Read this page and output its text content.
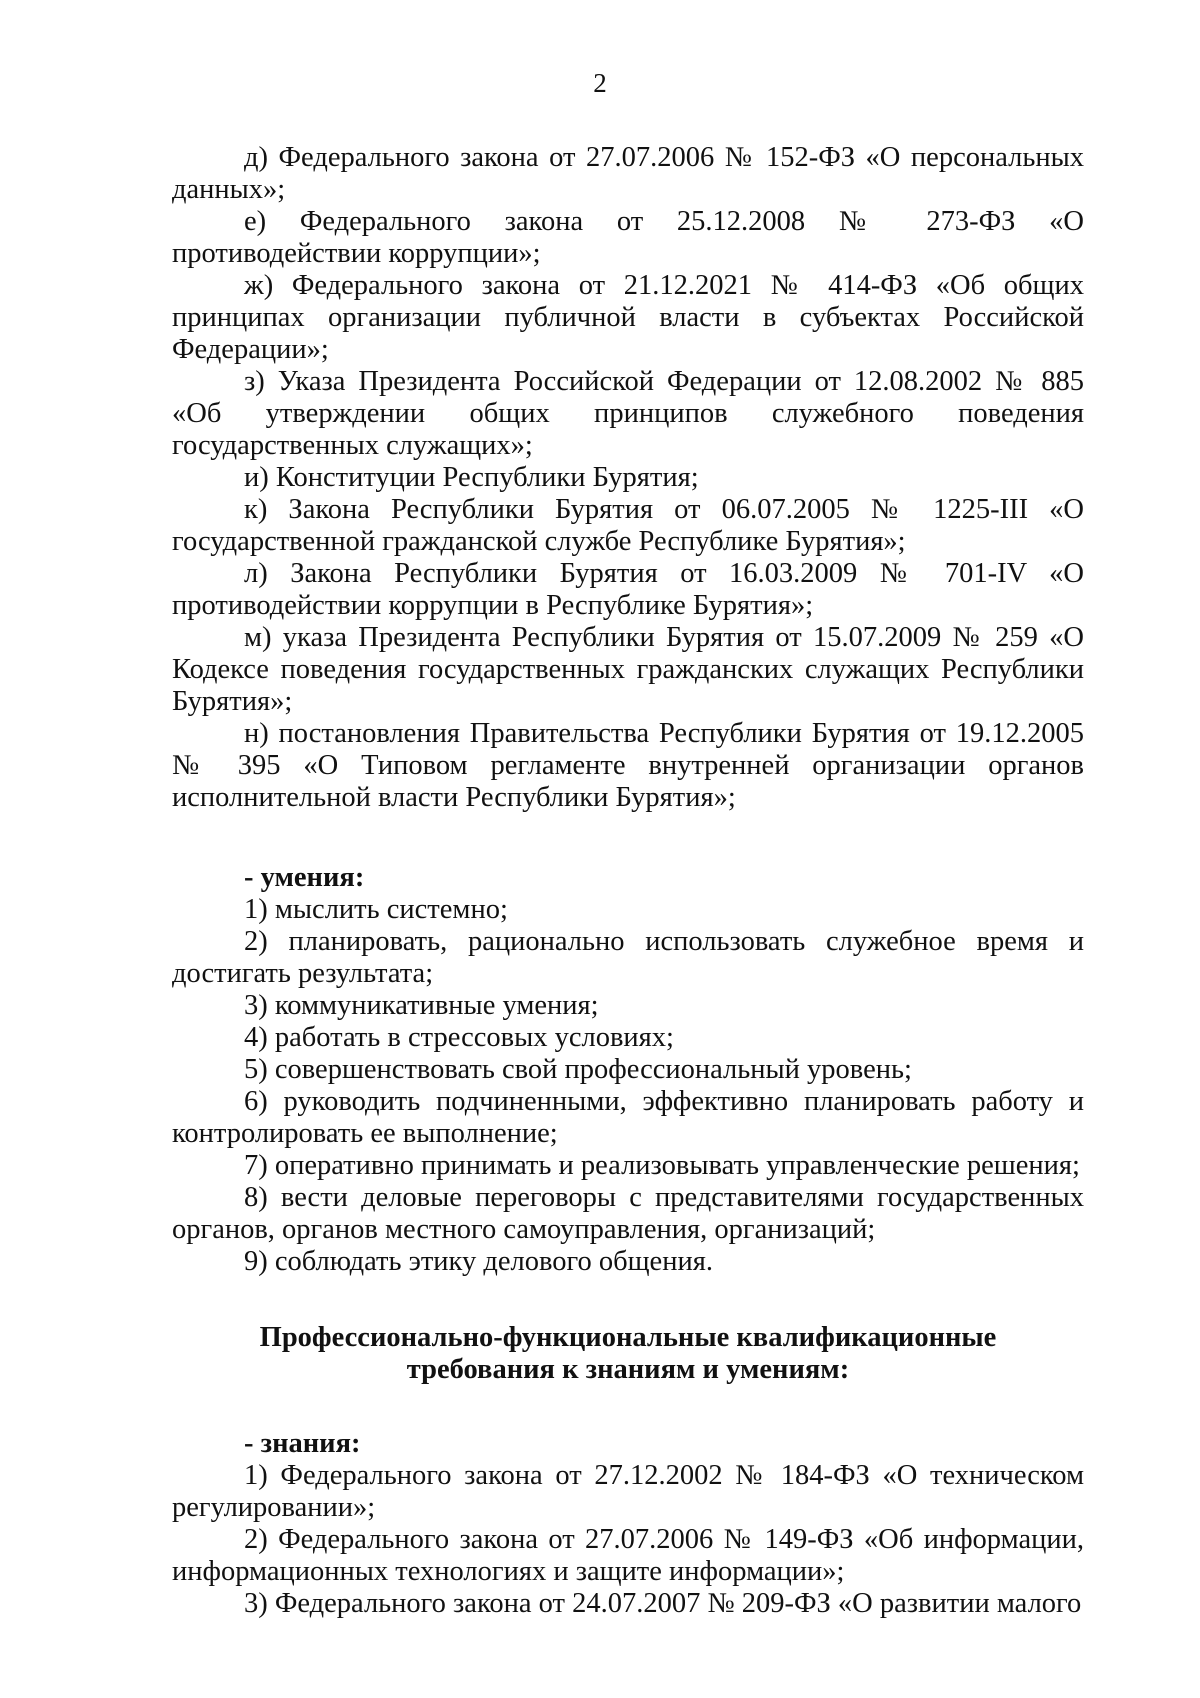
2

д) Федерального закона от 27.07.2006 № 152-ФЗ «О персональных данных»;

е) Федерального закона от 25.12.2008 № 273-ФЗ «О противодействии коррупции»;

ж) Федерального закона от 21.12.2021 № 414-ФЗ «Об общих принципах организации публичной власти в субъектах Российской Федерации»;

з) Указа Президента Российской Федерации от 12.08.2002 № 885 «Об утверждении общих принципов служебного поведения государственных служащих»;

и) Конституции Республики Бурятия;

к) Закона Республики Бурятия от 06.07.2005 № 1225-III «О государственной гражданской службе Республике Бурятия»;

л) Закона Республики Бурятия от 16.03.2009 № 701-IV «О противодействии коррупции в Республике Бурятия»;

м) указа Президента Республики Бурятия от 15.07.2009 № 259 «О Кодексе поведения государственных гражданских служащих Республики Бурятия»;

н) постановления Правительства Республики Бурятия от 19.12.2005 № 395 «О Типовом регламенте внутренней организации органов исполнительной власти Республики Бурятия»;

- умения:

1) мыслить системно;

2) планировать, рационально использовать служебное время и достигать результата;

3) коммуникативные умения;

4) работать в стрессовых условиях;

5) совершенствовать свой профессиональный уровень;

6) руководить подчиненными, эффективно планировать работу и контролировать ее выполнение;

7) оперативно принимать и реализовывать управленческие решения;

8) вести деловые переговоры с представителями государственных органов, органов местного самоуправления, организаций;

9) соблюдать этику делового общения.

Профессионально-функциональные квалификационные

требования к знаниям и умениям:

- знания:

1) Федерального закона от 27.12.2002 № 184-ФЗ «О техническом регулировании»;

2) Федерального закона от 27.07.2006 № 149-ФЗ «Об информации, информационных технологиях и защите информации»;

3) Федерального закона от 24.07.2007 № 209-ФЗ «О развитии малого
